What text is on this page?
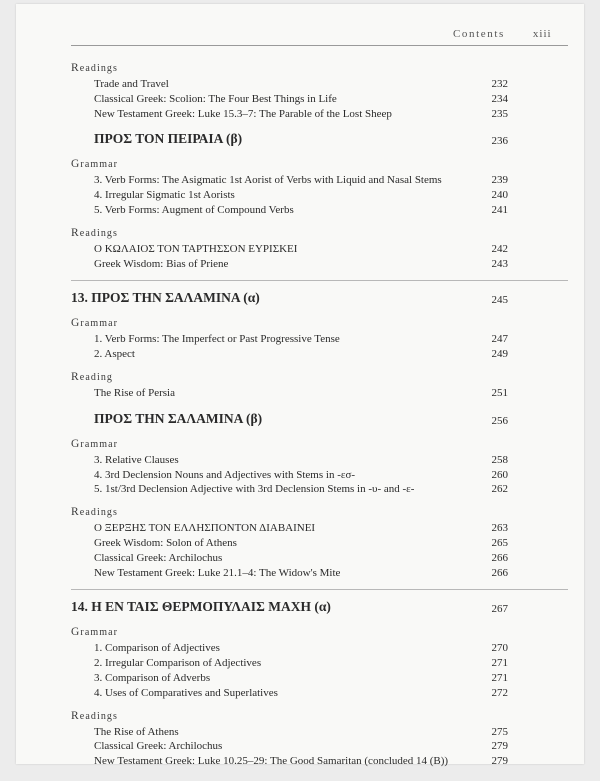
Contents	xiii
Readings
Trade and Travel	232
Classical Greek: Scolion: The Four Best Things in Life	234
New Testament Greek: Luke 15.3–7: The Parable of the Lost Sheep	235
ΠΡΟΣ ΤΟΝ ΠΕΙΡΑΙΑ (β)	236
Grammar
3. Verb Forms: The Asigmatic 1st Aorist of Verbs with Liquid and Nasal Stems	239
4. Irregular Sigmatic 1st Aorists	240
5. Verb Forms: Augment of Compound Verbs	241
Readings
Ο ΚΩΛΑΙΟΣ ΤΟΝ ΤΑΡΤΗΣΣΟΝ ΕΥΡΙΣΚΕΙ	242
Greek Wisdom: Bias of Priene	243
13. ΠΡΟΣ ΤΗΝ ΣΑΛΑΜΙΝΑ (α)	245
Grammar
1. Verb Forms: The Imperfect or Past Progressive Tense	247
2. Aspect	249
Reading
The Rise of Persia	251
ΠΡΟΣ ΤΗΝ ΣΑΛΑΜΙΝΑ (β)	256
Grammar
3. Relative Clauses	258
4. 3rd Declension Nouns and Adjectives with Stems in -εσ-	260
5. 1st/3rd Declension Adjective with 3rd Declension Stems in -υ- and -ε-	262
Readings
Ο ΞΕΡΞΗΣ ΤΟΝ ΕΛΛΗΣΠΟΝΤΟΝ ΔΙΑΒΑΙΝΕΙ	263
Greek Wisdom: Solon of Athens	265
Classical Greek: Archilochus	266
New Testament Greek: Luke 21.1–4: The Widow's Mite	266
14. Η ΕΝ ΤΑΙΣ ΘΕΡΜΟΠΥΛΑΙΣ ΜΑΧΗ (α)	267
Grammar
1. Comparison of Adjectives	270
2. Irregular Comparison of Adjectives	271
3. Comparison of Adverbs	271
4. Uses of Comparatives and Superlatives	272
Readings
The Rise of Athens	275
Classical Greek: Archilochus	279
New Testament Greek: Luke 10.25–29: The Good Samaritan (concluded 14 (Β))	279
